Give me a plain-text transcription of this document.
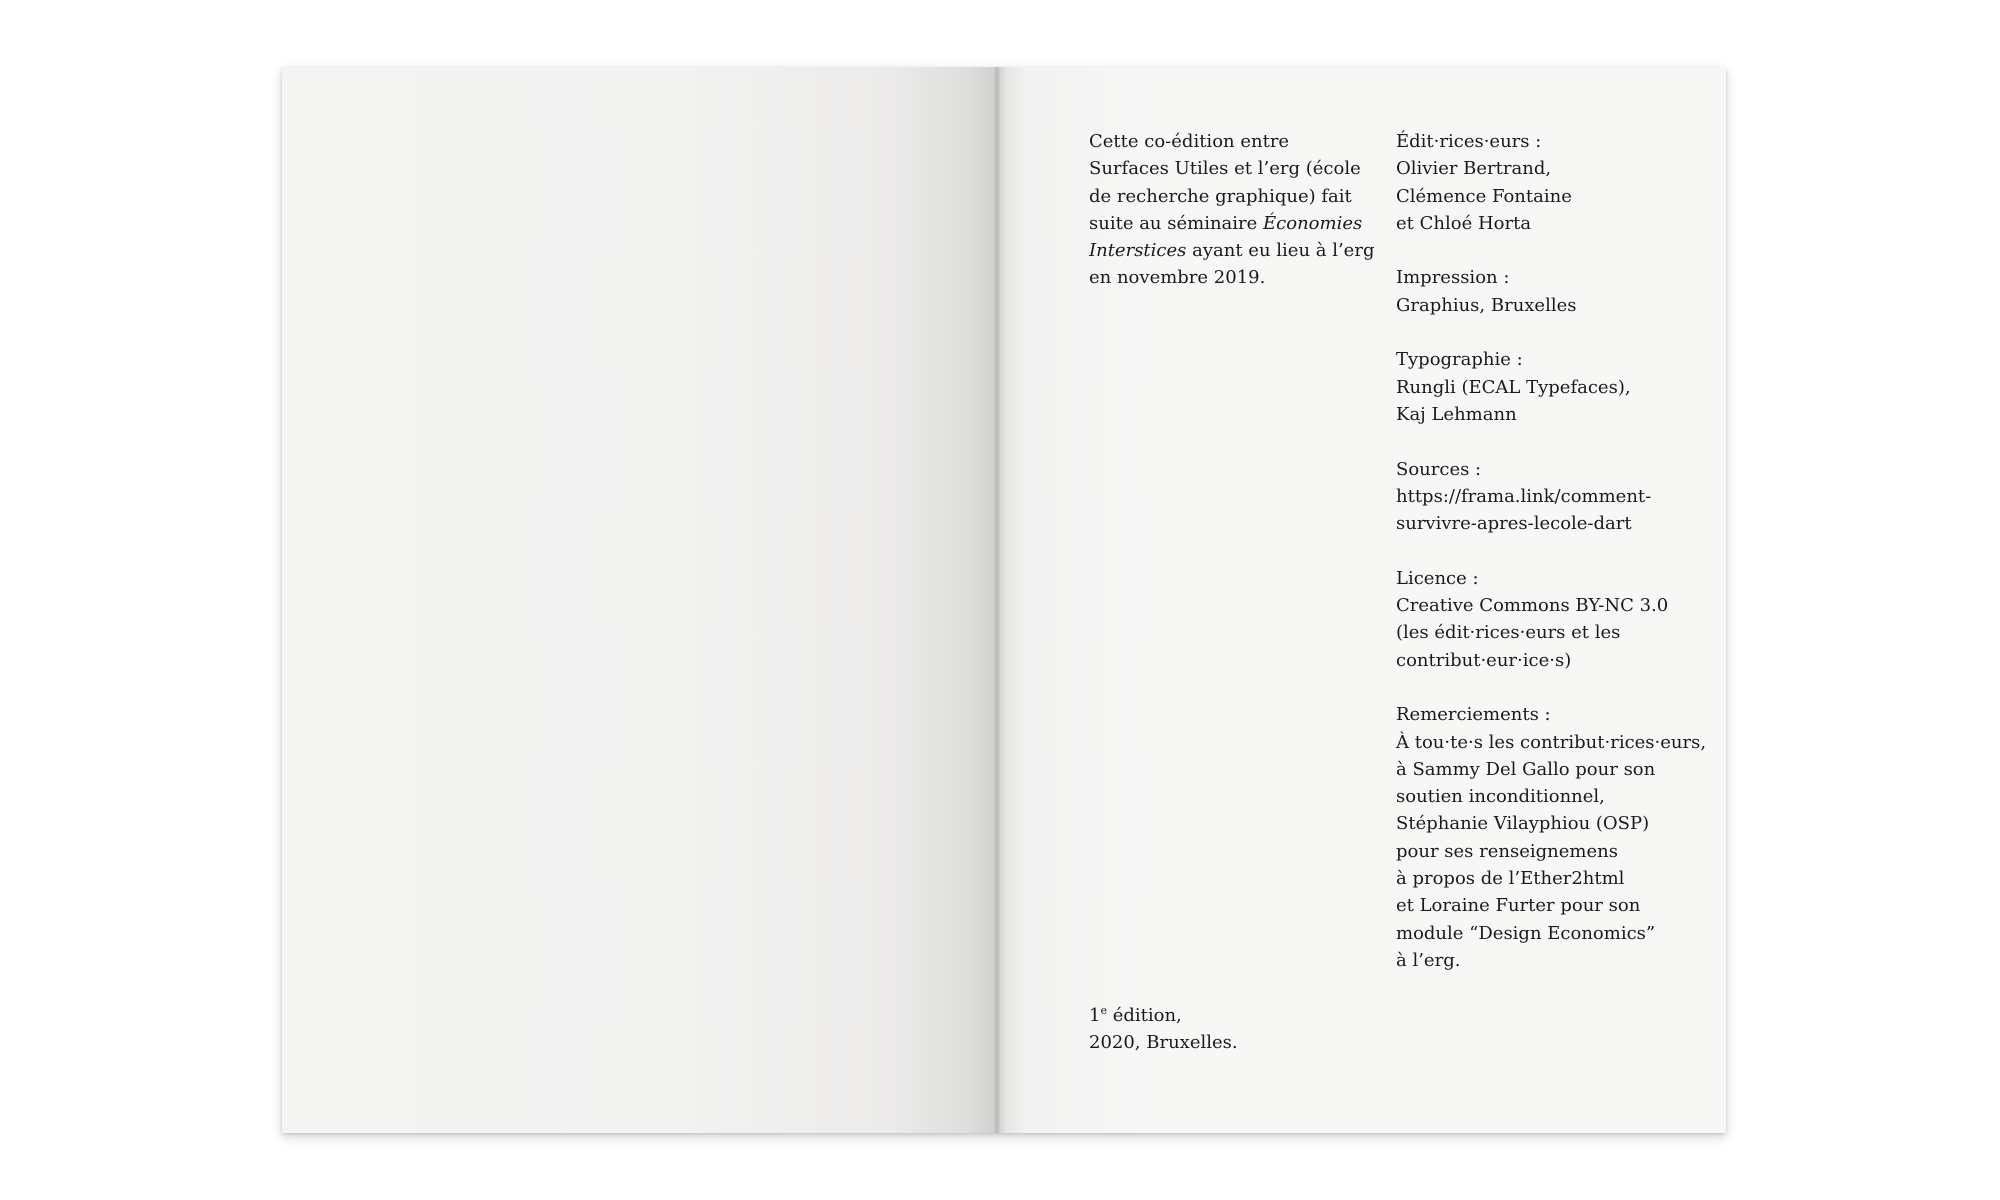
Cette co-édition entre
Surfaces Utiles et l’erg (école
de recherche graphique) fait
suite au séminaire Économies
Interstices ayant eu lieu à l’erg
en novembre 2019.
Édit·rices·eurs :
Olivier Bertrand,
Clémence Fontaine
et Chloé Horta
Impression :
Graphius, Bruxelles
Typographie :
Rungli (ECAL Typefaces),
Kaj Lehmann
Sources :
https://frama.link/comment-
survivre-apres-lecole-dart
Licence :
Creative Commons BY-NC 3.0
(les édit·rices·eurs et les
contribut·eur·ice·s)
Remerciements :
À tou·te·s les contribut·rices·eurs,
à Sammy Del Gallo pour son
soutien inconditionnel,
Stéphanie Vilayphiou (OSP)
pour ses renseignemens
à propos de l’Ether2html
et Loraine Furter pour son
module “Design Economics”
à l’erg.
1e édition,
2020, Bruxelles.
